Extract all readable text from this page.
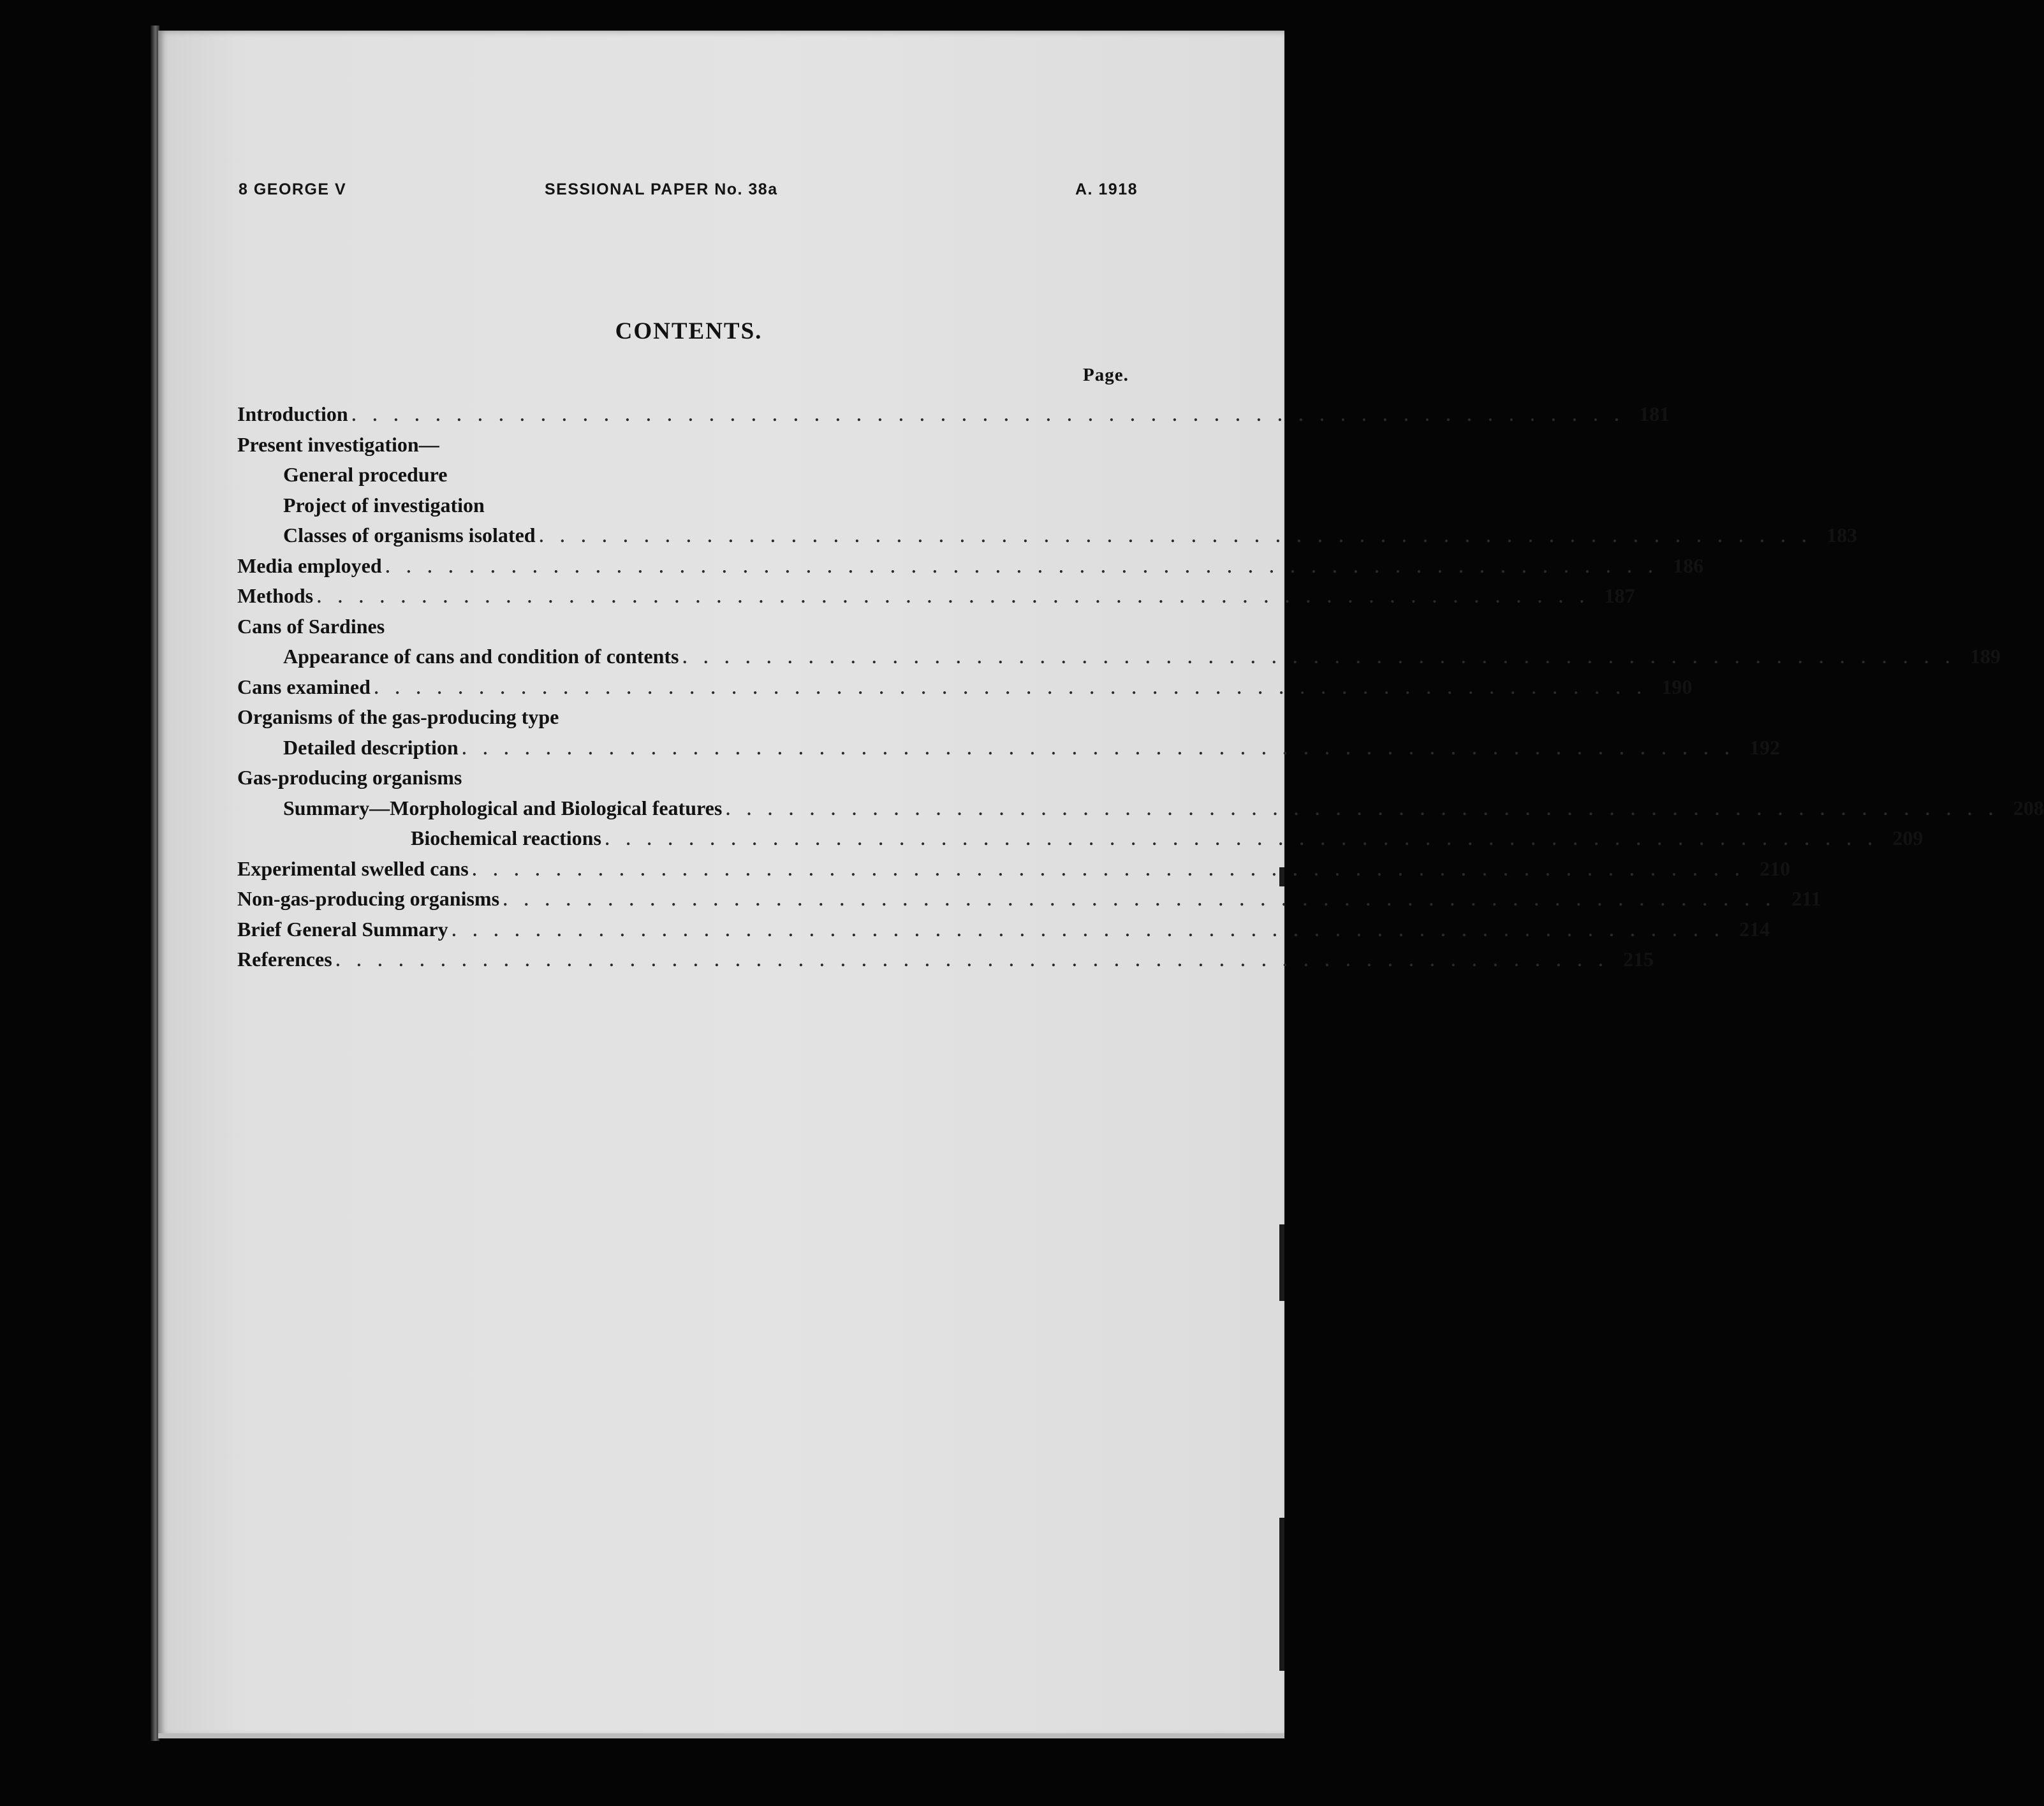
8 GEORGE V	SESSIONAL PAPER No. 38a	A. 1918
CONTENTS.
Page.
Introduction . . . . . . . . . . . . . . . . . . . . . . . . . . . . . . . . . . . . . . . . . . . . . . . . . . . . . . . . . . . . . 181
Present investigation—
General procedure
Project of investigation
Classes of organisms isolated . . . . . . . . . . . . . . . . . . . . . . . . . . . . . . . . . . . . . . . . . . . . . . . . . . . . . . . . . . . . . 183
Media employed . . . . . . . . . . . . . . . . . . . . . . . . . . . . . . . . . . . . . . . . . . . . . . . . . . . . . . . . . . . . . 186
Methods . . . . . . . . . . . . . . . . . . . . . . . . . . . . . . . . . . . . . . . . . . . . . . . . . . . . . . . . . . . . . 187
Cans of Sardines
Appearance of cans and condition of contents . . . . . . . . . . . . . . . . . . . . . . . . . . . . . . . . . . . . . . . . . . . . . . . . . . . . . . . . . . . . . 189
Cans examined . . . . . . . . . . . . . . . . . . . . . . . . . . . . . . . . . . . . . . . . . . . . . . . . . . . . . . . . . . . . . 190
Organisms of the gas-producing type
Detailed description . . . . . . . . . . . . . . . . . . . . . . . . . . . . . . . . . . . . . . . . . . . . . . . . . . . . . . . . . . . . . 192
Gas-producing organisms
Summary—Morphological and Biological features . . . . . . . . . . . . . . . . . . . . . . . . . . . . . . . . . . . . . . . . . . . . . . . . . . . . . . . . . . . . . 208
Biochemical reactions . . . . . . . . . . . . . . . . . . . . . . . . . . . . . . . . . . . . . . . . . . . . . . . . . . . . . . . . . . . . . 209
Experimental swelled cans . . . . . . . . . . . . . . . . . . . . . . . . . . . . . . . . . . . . . . . . . . . . . . . . . . . . . . . . . . . . . 210
Non-gas-producing organisms . . . . . . . . . . . . . . . . . . . . . . . . . . . . . . . . . . . . . . . . . . . . . . . . . . . . . . . . . . . . . 211
Brief General Summary . . . . . . . . . . . . . . . . . . . . . . . . . . . . . . . . . . . . . . . . . . . . . . . . . . . . . . . . . . . . . 214
References . . . . . . . . . . . . . . . . . . . . . . . . . . . . . . . . . . . . . . . . . . . . . . . . . . . . . . . . . . . . . 215
